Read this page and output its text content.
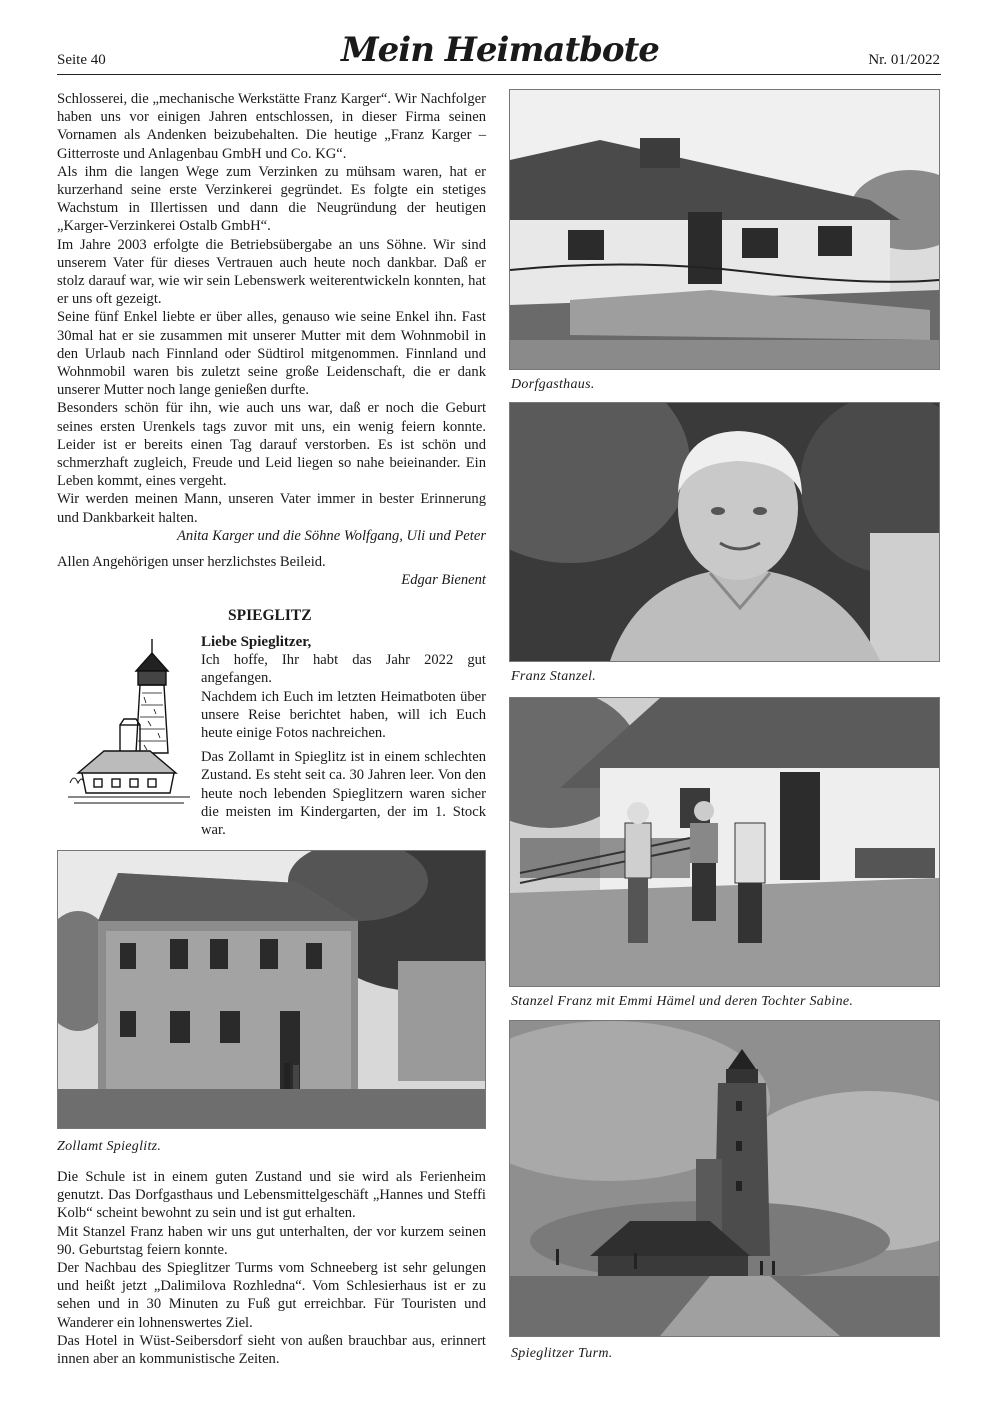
Seite 40	Mein Heimatbote	Nr. 01/2022

Schlosserei, die „mechanische Werkstätte Franz Karger“. Wir Nachfolger haben uns vor einigen Jahren entschlossen, in dieser Firma seinen Vornamen als Andenken beizubehalten. Die heutige „Franz Karger – Gitterroste und Anlagenbau GmbH und Co. KG“.

Als ihm die langen Wege zum Verzinken zu mühsam waren, hat er kurzerhand seine erste Verzinkerei gegründet. Es folgte ein stetiges Wachstum in Illertissen und dann die Neugründung der heutigen „Karger-Verzinkerei Ostalb GmbH“.

Im Jahre 2003 erfolgte die Betriebsübergabe an uns Söhne. Wir sind unserem Vater für dieses Vertrauen auch heute noch dankbar. Daß er stolz darauf war, wie wir sein Lebenswerk weiterentwickeln konnten, hat er uns oft gezeigt.

Seine fünf Enkel liebte er über alles, genauso wie seine Enkel ihn. Fast 30mal hat er sie zusammen mit unserer Mutter mit dem Wohnmobil in den Urlaub nach Finnland oder Südtirol mitgenommen. Finnland und Wohnmobil waren bis zuletzt seine große Leidenschaft, die er dank unserer Mutter noch lange genießen durfte.

Besonders schön für ihn, wie auch uns war, daß er noch die Geburt seines ersten Urenkels tags zuvor mit uns, ein wenig feiern konnte. Leider ist er bereits einen Tag darauf verstorben. Es ist schön und schmerzhaft zugleich, Freude und Leid liegen so nahe beieinander. Ein Leben kommt, eines vergeht.

Wir werden meinen Mann, unseren Vater immer in bester Erinnerung und Dankbarkeit halten.

Anita Karger und die Söhne Wolfgang, Uli und Peter

Allen Angehörigen unser herzlichstes Beileid.

Edgar Bienent

SPIEGLITZ

Liebe Spieglitzer,

Ich hoffe, Ihr habt das Jahr 2022 gut angefangen.

Nachdem ich Euch im letzten Heimatboten über unsere Reise berichtet haben, will ich Euch heute einige Fotos nachreichen.

Das Zollamt in Spieglitz ist in einem schlechten Zustand. Es steht seit ca. 30 Jahren leer. Von den heute noch lebenden Spieglitzern waren sicher die meisten im Kindergarten, der im 1. Stock war.

Zollamt Spieglitz.

Die Schule ist in einem guten Zustand und sie wird als Ferienheim genutzt. Das Dorfgasthaus und Lebensmittelgeschäft „Hannes und Steffi Kolb“ scheint bewohnt zu sein und ist gut erhalten.

Mit Stanzel Franz haben wir uns gut unterhalten, der vor kurzem seinen 90. Geburtstag feiern konnte.

Der Nachbau des Spieglitzer Turms vom Schneeberg ist sehr gelungen und heißt jetzt „Dalimilova Rozhledna“. Vom Schlesierhaus ist er zu sehen und in 30 Minuten zu Fuß gut erreichbar. Für Touristen und Wanderer ein lohnenswertes Ziel.

Das Hotel in Wüst-Seibersdorf sieht von außen brauchbar aus, erinnert innen aber an kommunistische Zeiten.

Dorfgasthaus.
Franz Stanzel.
Stanzel Franz mit Emmi Hämel und deren Tochter Sabine.
Spieglitzer Turm.
